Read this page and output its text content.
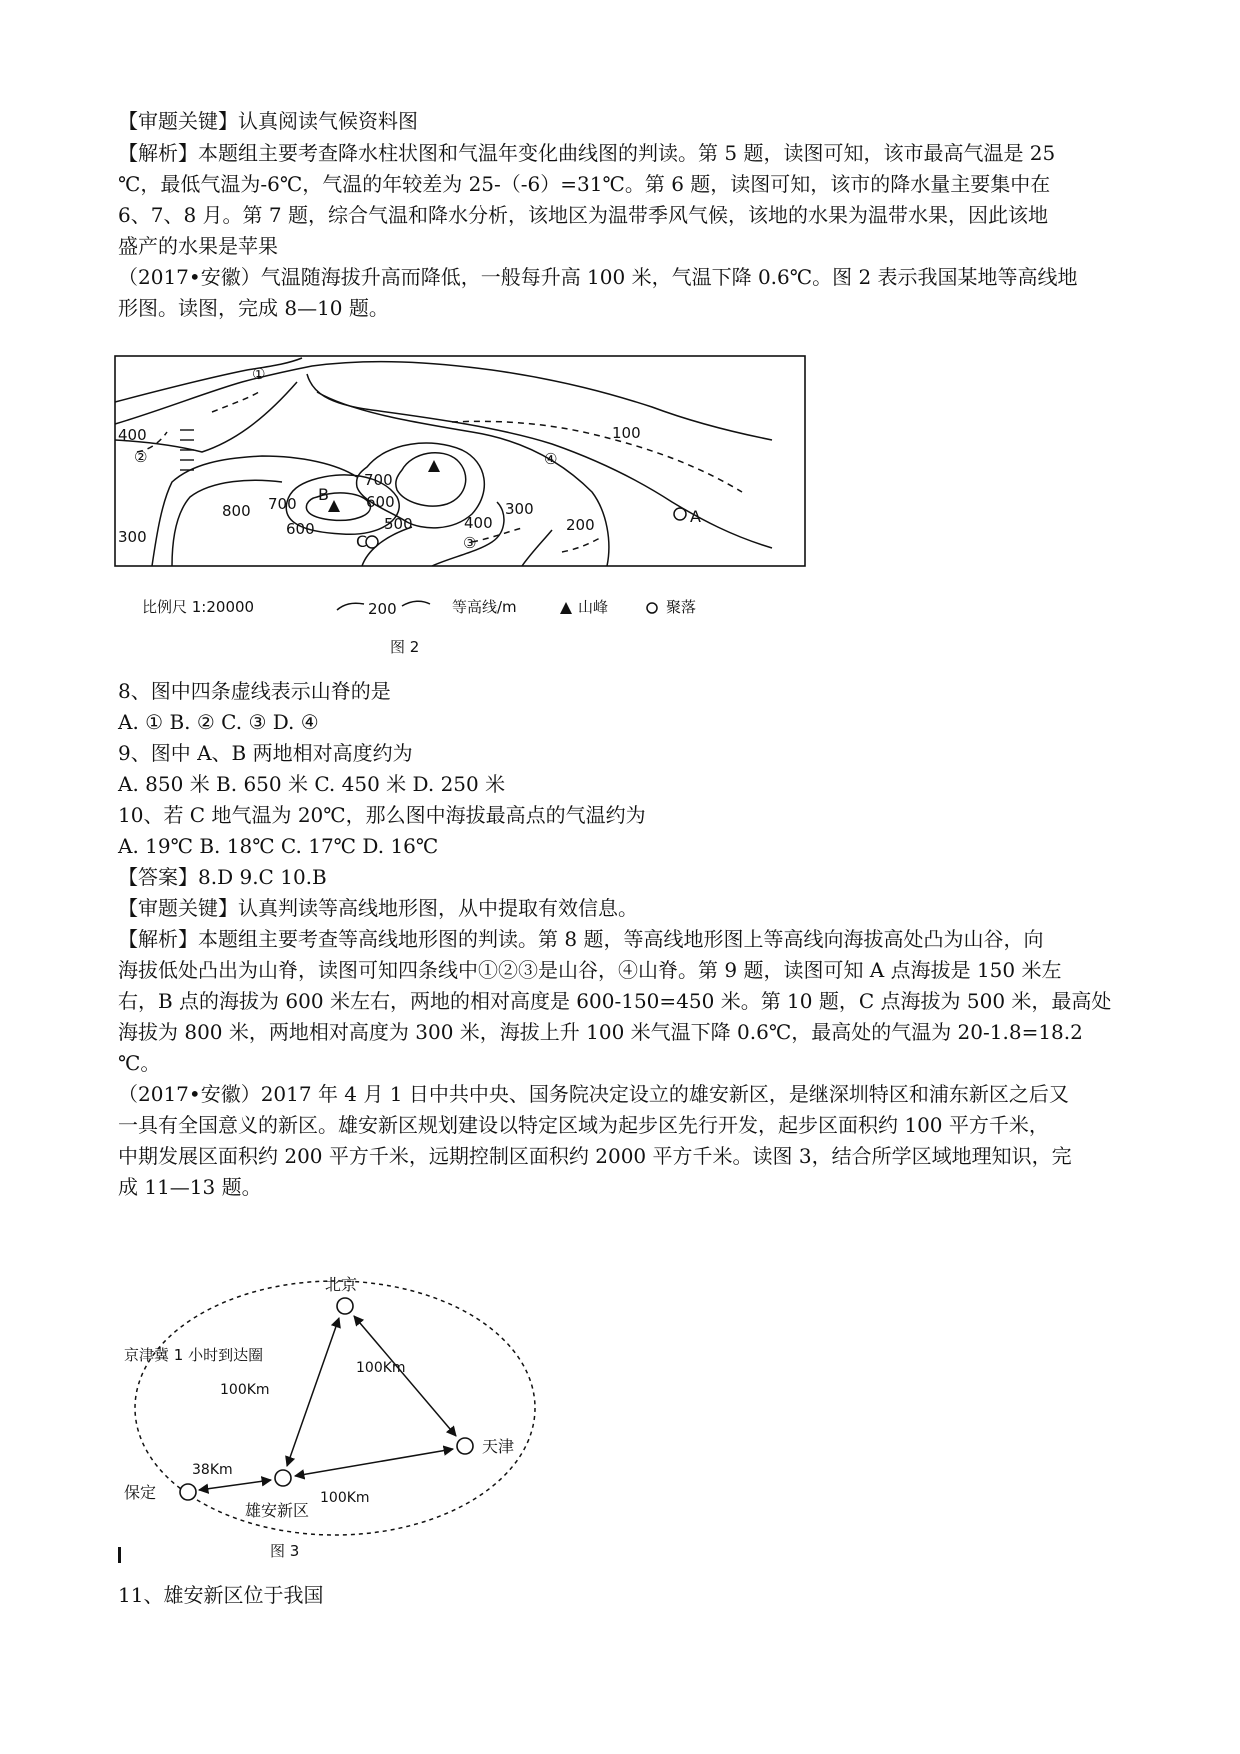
【审题关键】认真阅读气候资料图
【解析】本题组主要考查降水柱状图和气温年变化曲线图的判读。第 5 题，读图可知，该市最高气温是 25
℃，最低气温为-6℃，气温的年较差为 25-（-6）=31℃。第 6 题，读图可知，该市的降水量主要集中在
6、7、8 月。第 7 题，综合气温和降水分析，该地区为温带季风气候，该地的水果为温带水果，因此该地
盛产的水果是苹果
（2017•安徽）气温随海拔升高而降低，一般每升高 100 米，气温下降 0.6℃。图 2 表示我国某地等高线地
形图。读图，完成 8—10 题。
①
②
③
④
100
400
300
700
800
600
700
600
500	400
300
200
B
C
A
比例尺 1:20000	200	等高线/m	山峰	聚落
图 2
8、图中四条虚线表示山脊的是
A. ① B. ② C. ③ D. ④
9、图中 A、B 两地相对高度约为
A. 850 米 B. 650 米 C. 450 米 D. 250 米
10、若 C 地气温为 20℃，那么图中海拔最高点的气温约为
A. 19℃ B. 18℃ C. 17℃ D. 16℃
【答案】8.D 9.C 10.B
【审题关键】认真判读等高线地形图，从中提取有效信息。
【解析】本题组主要考查等高线地形图的判读。第 8 题，等高线地形图上等高线向海拔高处凸为山谷，向
海拔低处凸出为山脊，读图可知四条线中①②③是山谷，④山脊。第 9 题，读图可知 A 点海拔是 150 米左
右，B 点的海拔为 600 米左右，两地的相对高度是 600-150=450 米。第 10 题，C 点海拔为 500 米，最高处
海拔为 800 米，两地相对高度为 300 米，海拔上升 100 米气温下降 0.6℃，最高处的气温为 20-1.8=18.2
℃。
（2017•安徽）2017 年 4 月 1 日中共中央、国务院决定设立的雄安新区，是继深圳特区和浦东新区之后又
一具有全国意义的新区。雄安新区规划建设以特定区域为起步区先行开发，起步区面积约 100 平方千米，
中期发展区面积约 200 平方千米，远期控制区面积约 2000 平方千米。读图 3，结合所学区域地理知识，完
成 11—13 题。
北京
天津
保定
雄安新区
京津冀 1 小时到达圈
100Km
100Km
100Km
38Km
图 3
11、雄安新区位于我国
